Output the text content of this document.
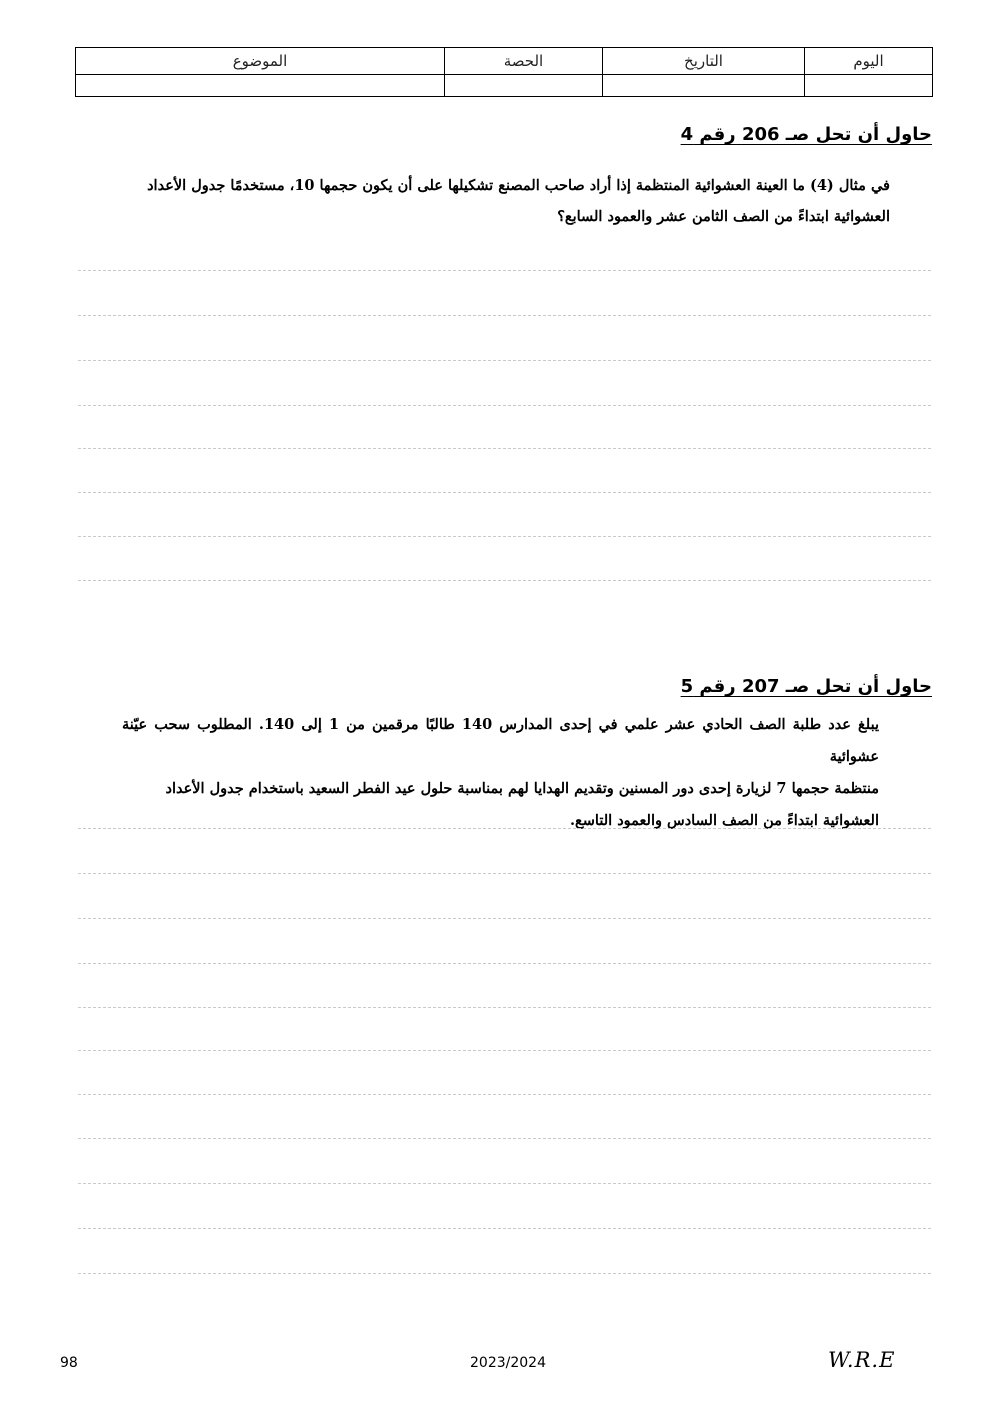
اليوم	التاريخ	الحصة	الموضوع

حاول أن تحل صـ 206 رقم 4
في مثال (4) ما العينة العشوائية المنتظمة إذا أراد صاحب المصنع تشكيلها على أن يكون حجمها 10، مستخدمًا جدول الأعداد
العشوائية ابتداءً من الصف الثامن عشر والعمود السابع؟
حاول أن تحل صـ 207 رقم 5
يبلغ عدد طلبة الصف الحادي عشر علمي في إحدى المدارس 140 طالبًا مرقمين من 1 إلى 140. المطلوب سحب عيّنة عشوائية
منتظمة حجمها 7 لزيارة إحدى دور المسنين وتقديم الهدايا لهم بمناسبة حلول عيد الفطر السعيد باستخدام جدول الأعداد
العشوائية ابتداءً من الصف السادس والعمود التاسع.
98	2023/2024	W.R.E
